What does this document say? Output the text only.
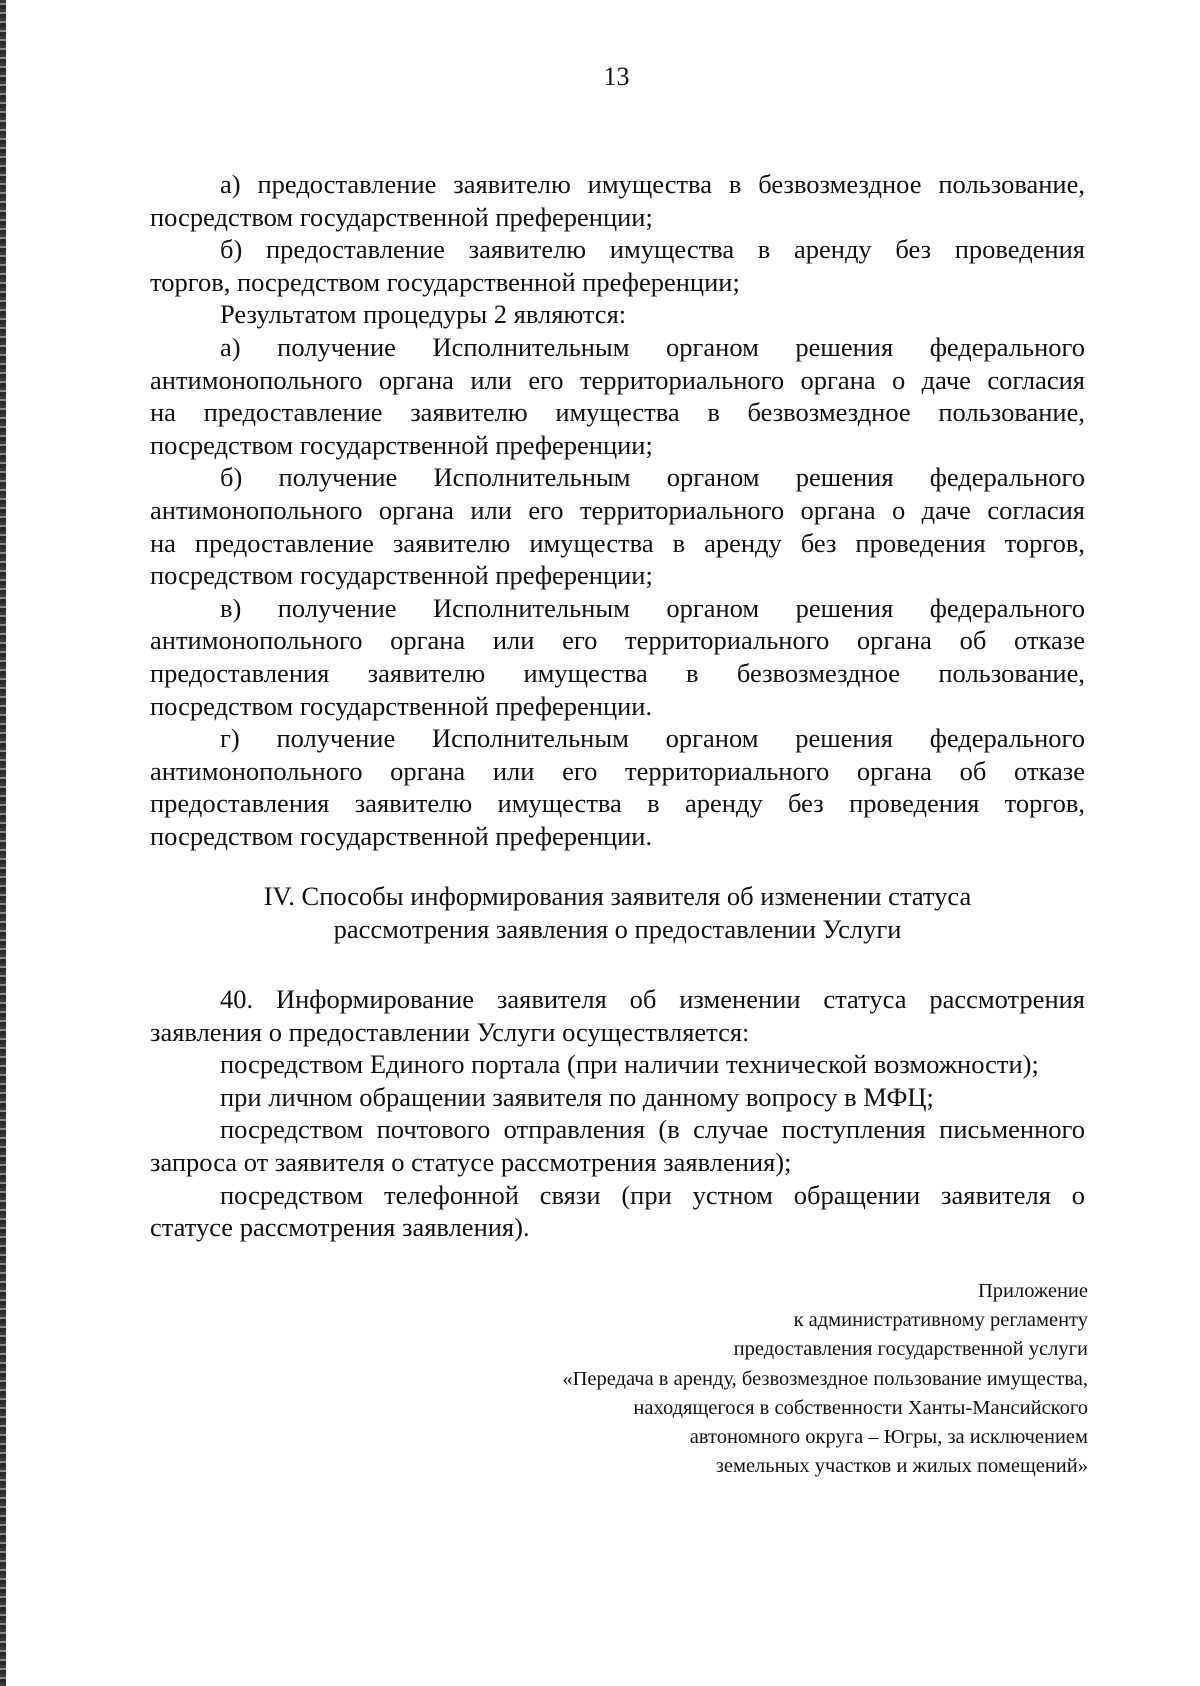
13

а) предоставление заявителю имущества в безвозмездное пользование,

посредством государственной преференции;

б) предоставление заявителю имущества в аренду без проведения

торгов, посредством государственной преференции;

Результатом процедуры 2 являются:

а) получение Исполнительным органом решения федерального

антимонопольного органа или его территориального органа о даче согласия

на предоставление заявителю имущества в безвозмездное пользование,

посредством государственной преференции;

б) получение Исполнительным органом решения федерального

антимонопольного органа или его территориального органа о даче согласия

на предоставление заявителю имущества в аренду без проведения торгов,

посредством государственной преференции;

в) получение Исполнительным органом решения федерального

антимонопольного органа или его территориального органа об отказе

предоставления заявителю имущества в безвозмездное пользование,

посредством государственной преференции.

г) получение Исполнительным органом решения федерального

антимонопольного органа или его территориального органа об отказе

предоставления заявителю имущества в аренду без проведения торгов,

посредством государственной преференции.

IV. Способы информирования заявителя об изменении статуса
рассмотрения заявления о предоставлении Услуги

40. Информирование заявителя об изменении статуса рассмотрения

заявления о предоставлении Услуги осуществляется:

посредством Единого портала (при наличии технической возможности);

при личном обращении заявителя по данному вопросу в МФЦ;

посредством почтового отправления (в случае поступления письменного

запроса от заявителя о статусе рассмотрения заявления);

посредством телефонной связи (при устном обращении заявителя о

статусе рассмотрения заявления).

Приложение
к административному регламенту
предоставления государственной услуги
«Передача в аренду, безвозмездное пользование имущества,
находящегося в собственности Ханты-Мансийского
автономного округа – Югры, за исключением
земельных участков и жилых помещений»
